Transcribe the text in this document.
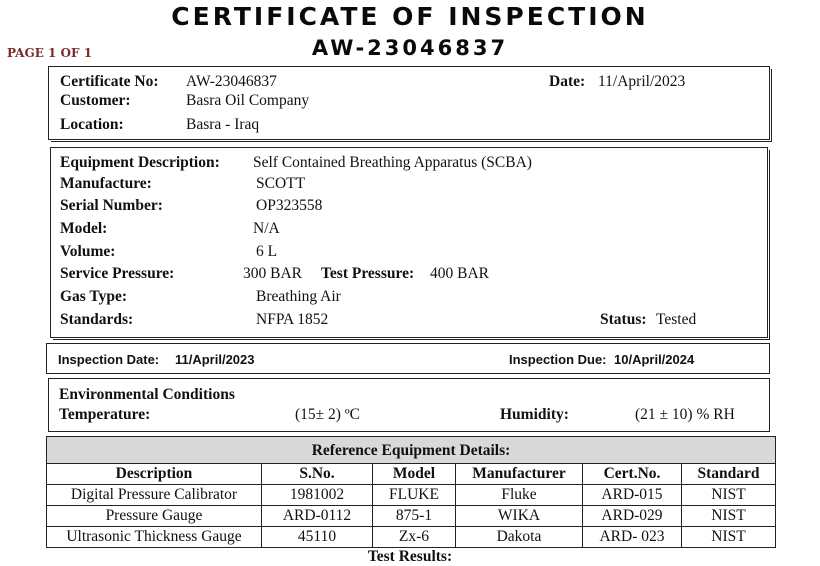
CERTIFICATE OF INSPECTION
AW-23046837
PAGE 1 OF 1
Certificate No: AW-23046837	Date: 11/April/2023
Customer:	Basra Oil Company
Location:	Basra - Iraq
Equipment Description: Self Contained Breathing Apparatus (SCBA)
Manufacture:	SCOTT
Serial Number:	OP323558
Model:	N/A
Volume:	6 L
Service Pressure:	300 BAR Test Pressure: 400 BAR
Gas Type:	Breathing Air
Standards:	NFPA 1852	Status: Tested
Inspection Date: 11/April/2023	Inspection Due: 10/April/2024
Environmental Conditions
Temperature:	(15± 2) ºC	Humidity:	(21 ± 10) % RH
Reference Equipment Details:
Description	S.No.	Model	Manufacturer	Cert.No.	Standard
Digital Pressure Calibrator	1981002	FLUKE	Fluke	ARD-015	NIST
Pressure Gauge	ARD-0112	875-1	WIKA	ARD-029	NIST
Ultrasonic Thickness Gauge	45110	Zx-6	Dakota	ARD- 023	NIST
Test Results:
